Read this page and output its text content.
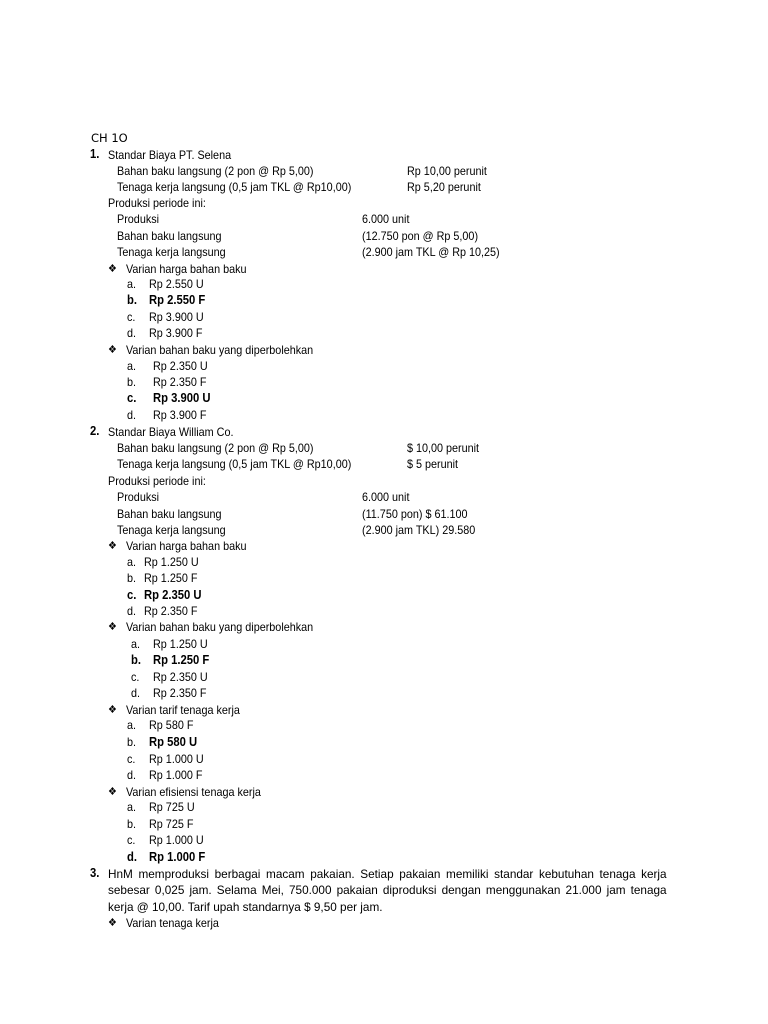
CH 1O
1. Standar Biaya PT. Selena
Bahan baku langsung (2 pon @ Rp 5,00)	Rp 10,00 perunit
Tenaga kerja langsung (0,5 jam TKL @ Rp10,00)	Rp 5,20 perunit
Produksi periode ini:
Produksi	6.000 unit
Bahan baku langsung	(12.750 pon @ Rp 5,00)
Tenaga kerja langsung	(2.900 jam TKL @ Rp 10,25)
❖ Varian harga bahan baku
a. Rp 2.550 U
b. Rp 2.550 F
c. Rp 3.900 U
d. Rp 3.900 F
❖ Varian bahan baku yang diperbolehkan
a. Rp 2.350 U
b. Rp 2.350 F
c. Rp 3.900 U
d. Rp 3.900 F
2. Standar Biaya William Co.
Bahan baku langsung (2 pon @ Rp 5,00)	$ 10,00 perunit
Tenaga kerja langsung (0,5 jam TKL @ Rp10,00)	$ 5 perunit
Produksi periode ini:
Produksi	6.000 unit
Bahan baku langsung	(11.750 pon) $ 61.100
Tenaga kerja langsung	(2.900 jam TKL) 29.580
❖ Varian harga bahan baku
a. Rp 1.250 U
b. Rp 1.250 F
c. Rp 2.350 U
d. Rp 2.350 F
❖ Varian bahan baku yang diperbolehkan
a. Rp 1.250 U
b. Rp 1.250 F
c. Rp 2.350 U
d. Rp 2.350 F
❖ Varian tarif tenaga kerja
a. Rp 580 F
b. Rp 580 U
c. Rp 1.000 U
d. Rp 1.000 F
❖ Varian efisiensi tenaga kerja
a. Rp 725 U
b. Rp 725 F
c. Rp 1.000 U
d. Rp 1.000 F
3. HnM memproduksi berbagai macam pakaian. Setiap pakaian memiliki standar kebutuhan tenaga kerja sebesar 0,025 jam. Selama Mei, 750.000 pakaian diproduksi dengan menggunakan 21.000 jam tenaga kerja @ 10,00. Tarif upah standarnya $ 9,50 per jam.
❖ Varian tenaga kerja
